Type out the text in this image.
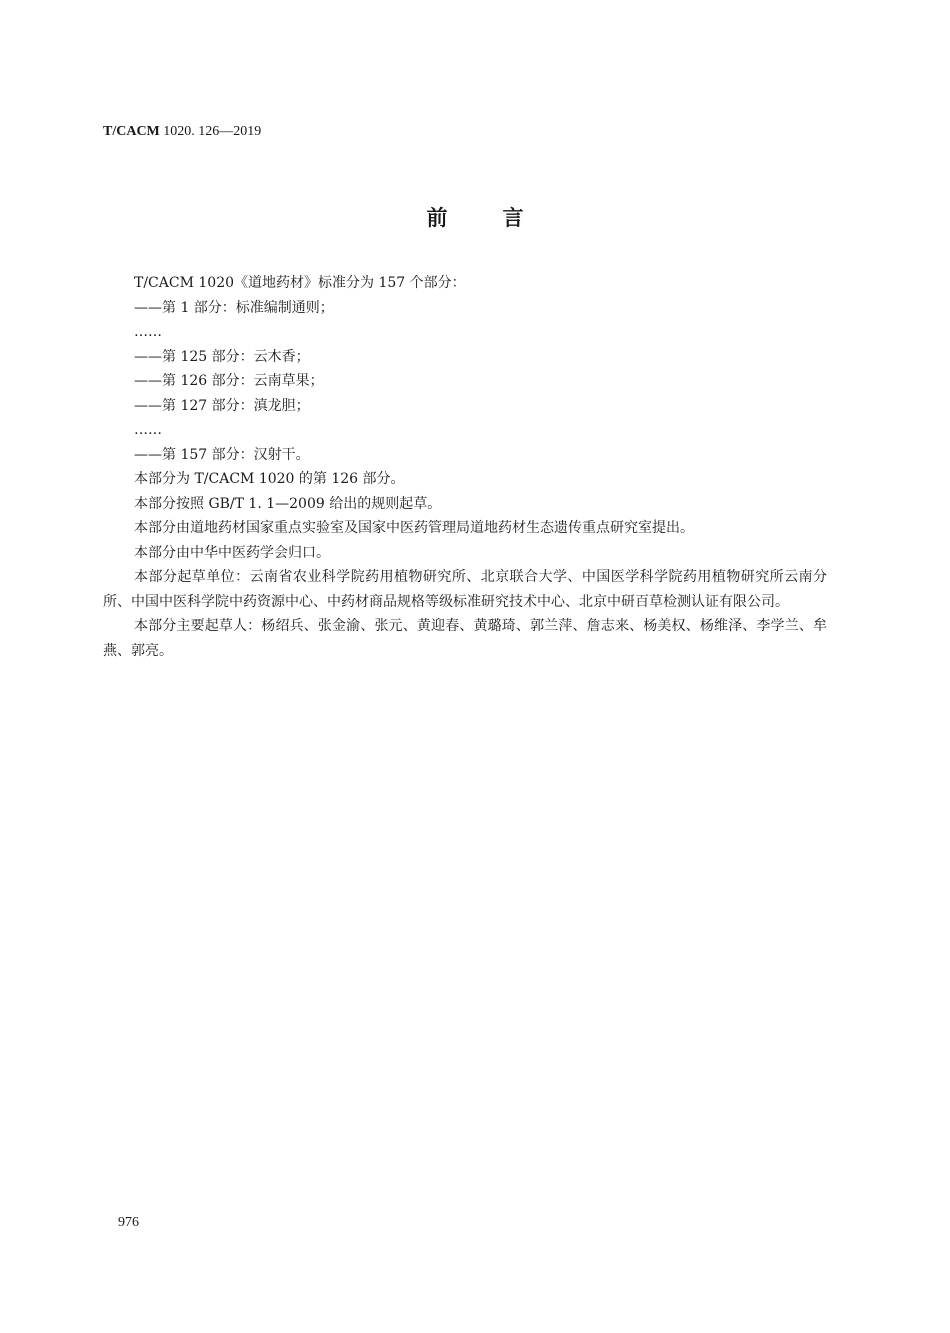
T/CACM 1020. 126—2019
前	言

T/CACM 1020《道地药材》标准分为 157 个部分：

——第 1 部分：标准编制通则；

……

——第 125 部分：云木香；

——第 126 部分：云南草果；

——第 127 部分：滇龙胆；

……

——第 157 部分：汉射干。

本部分为 T/CACM 1020 的第 126 部分。

本部分按照 GB/T 1. 1—2009 给出的规则起草。

本部分由道地药材国家重点实验室及国家中医药管理局道地药材生态遗传重点研究室提出。

本部分由中华中医药学会归口。

本部分起草单位：云南省农业科学院药用植物研究所、北京联合大学、中国医学科学院药用植物研究所云南分所、中国中医科学院中药资源中心、中药材商品规格等级标准研究技术中心、北京中研百草检测认证有限公司。

本部分主要起草人：杨绍兵、张金渝、张元、黄迎春、黄璐琦、郭兰萍、詹志来、杨美权、杨维泽、李学兰、牟燕、郭亮。

976
